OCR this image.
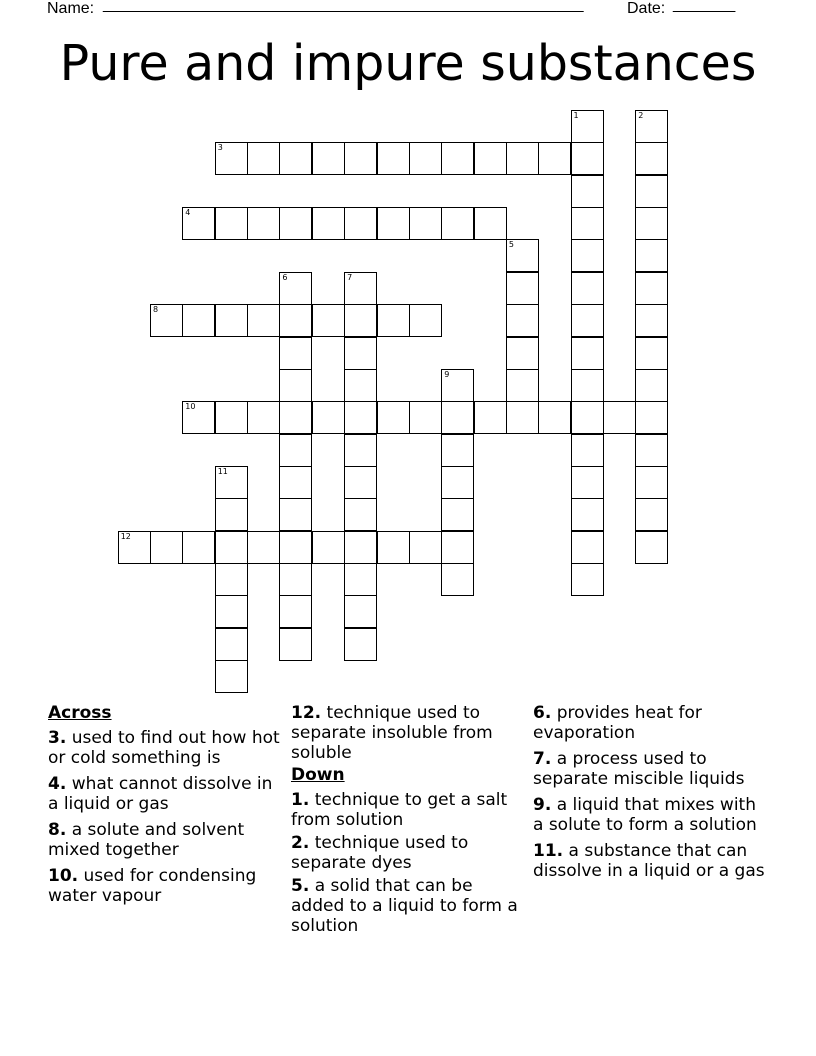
Name: ______________________________________________________	Date: _______
Pure and impure substances
3
1	2
4
5
6	7
8
9
10
11
12
Across
3. used to find out how hot or cold something is
4. what cannot dissolve in a liquid or gas
8. a solute and solvent mixed together
10. used for condensing water vapour
12. technique used to separate insoluble from soluble
Down
1. technique to get a salt from solution
2. technique used to separate dyes
5. a solid that can be added to a liquid to form a solution
6. provides heat for evaporation
7. a process used to separate miscible liquids
9. a liquid that mixes with a solute to form a solution
11. a substance that can dissolve in a liquid or a gas
